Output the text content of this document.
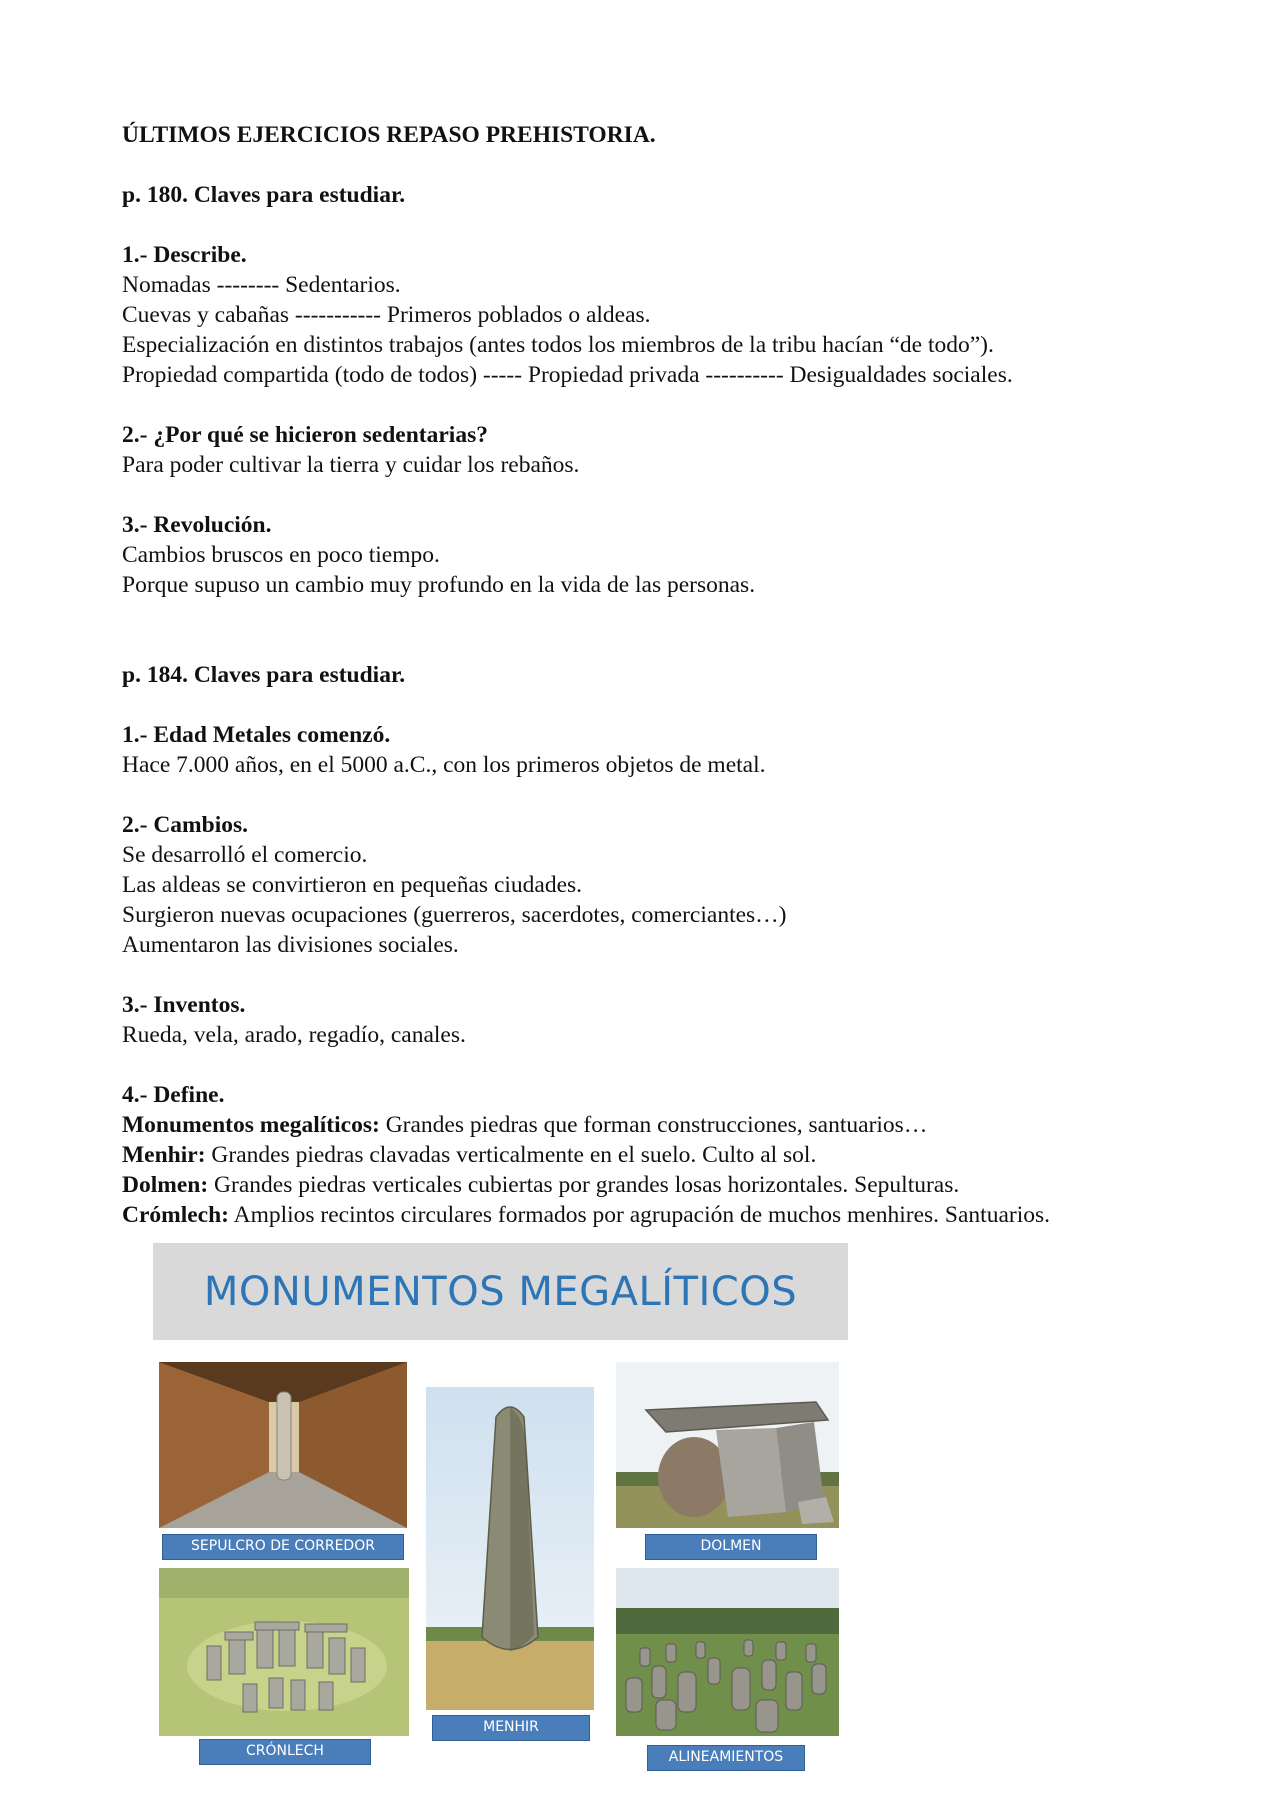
ÚLTIMOS EJERCICIOS REPASO PREHISTORIA.

p. 180. Claves para estudiar.

1.- Describe.

Nomadas -------- Sedentarios.

Cuevas y cabañas ----------- Primeros poblados o aldeas.

Especialización en distintos trabajos (antes todos los miembros de la tribu hacían “de todo”).

Propiedad compartida (todo de todos) ----- Propiedad privada ---------- Desigualdades sociales.

2.- ¿Por qué se hicieron sedentarias?

Para poder cultivar la tierra y cuidar los rebaños.

3.- Revolución.

Cambios bruscos en poco tiempo.

Porque supuso un cambio muy profundo en la vida de las personas.

p. 184. Claves para estudiar.

1.- Edad Metales comenzó.

Hace 7.000 años, en el 5000 a.C., con los primeros objetos de metal.

2.- Cambios.

Se desarrolló el comercio.

Las aldeas se convirtieron en pequeñas ciudades.

Surgieron nuevas ocupaciones (guerreros, sacerdotes, comerciantes…)

Aumentaron las divisiones sociales.

3.- Inventos.

Rueda, vela, arado, regadío, canales.

4.- Define.

Monumentos megalíticos: Grandes piedras que forman construcciones, santuarios…

Menhir: Grandes piedras clavadas verticalmente en el suelo. Culto al sol.

Dolmen: Grandes piedras verticales cubiertas por grandes losas horizontales. Sepulturas.

Crómlech: Amplios recintos circulares formados por agrupación de muchos menhires. Santuarios.

MONUMENTOS MEGALÍTICOS
SEPULCRO DE CORREDOR
MENHIR
DOLMEN
CRÓNLECH	ALINEAMIENTOS
